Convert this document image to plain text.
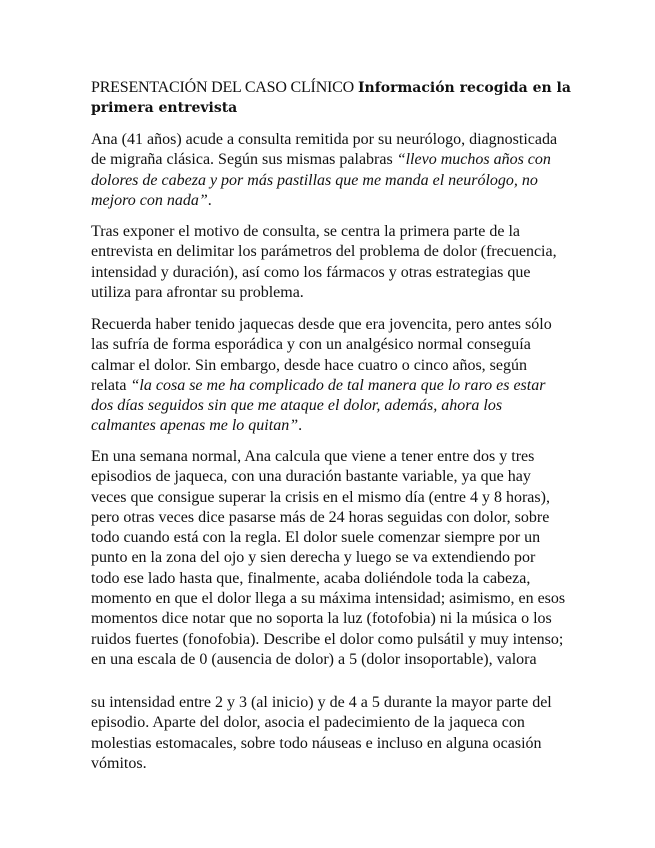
PRESENTACIÓN DEL CASO CLÍNICO Información recogida en la primera entrevista
Ana (41 años) acude a consulta remitida por su neurólogo, diagnosticada de migraña clásica. Según sus mismas palabras “llevo muchos años con dolores de cabeza y por más pastillas que me manda el neurólogo, no mejoro con nada”.
Tras exponer el motivo de consulta, se centra la primera parte de la entrevista en delimitar los parámetros del problema de dolor (frecuencia, intensidad y duración), así como los fármacos y otras estrategias que utiliza para afrontar su problema.
Recuerda haber tenido jaquecas desde que era jovencita, pero antes sólo las sufría de forma esporádica y con un analgésico normal conseguía calmar el dolor. Sin embargo, desde hace cuatro o cinco años, según relata “la cosa se me ha complicado de tal manera que lo raro es estar dos días seguidos sin que me ataque el dolor, además, ahora los calmantes apenas me lo quitan”.
En una semana normal, Ana calcula que viene a tener entre dos y tres episodios de jaqueca, con una duración bastante variable, ya que hay veces que consigue superar la crisis en el mismo día (entre 4 y 8 horas), pero otras veces dice pasarse más de 24 horas seguidas con dolor, sobre todo cuando está con la regla. El dolor suele comenzar siempre por un punto en la zona del ojo y sien derecha y luego se va extendiendo por todo ese lado hasta que, finalmente, acaba doliéndole toda la cabeza, momento en que el dolor llega a su máxima intensidad; asimismo, en esos momentos dice notar que no soporta la luz (fotofobia) ni la música o los ruidos fuertes (fonofobia). Describe el dolor como pulsátil y muy intenso; en una escala de 0 (ausencia de dolor) a 5 (dolor insoportable), valora
su intensidad entre 2 y 3 (al inicio) y de 4 a 5 durante la mayor parte del episodio. Aparte del dolor, asocia el padecimiento de la jaqueca con molestias estomacales, sobre todo náuseas e incluso en alguna ocasión vómitos.
